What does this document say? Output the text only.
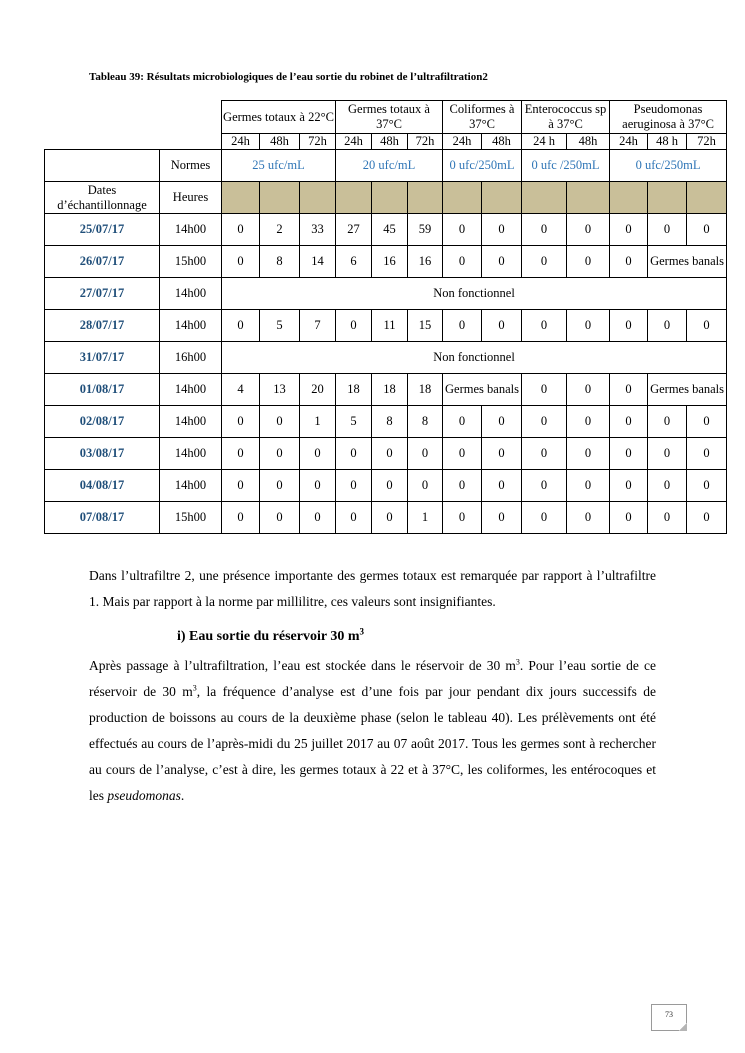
Tableau 39: Résultats microbiologiques de l’eau sortie du robinet de l’ultrafiltration2
		Germes totaux à 22°C			Germes totaux à 37°C			Coliformes à 37°C		Enterococcus sp à 37°C		Pseudomonas aeruginosa à 37°C		
		24h	48h	72h	24h	48h	72h	24h	48h	24 h	48h	24h	48 h	72h
	Normes	25 ufc/mL			20 ufc/mL			0 ufc/250mL		0 ufc /250mL		0 ufc/250mL		
Dates d’échantillonnage	Heures													
25/07/17	14h00	0	2	33	27	45	59	0	0	0	0	0	0	0
26/07/17	15h00	0	8	14	6	16	16	0	0	0	0	0	Germes banals	
27/07/17	14h00	Non fonctionnel												
28/07/17	14h00	0	5	7	0	11	15	0	0	0	0	0	0	0
31/07/17	16h00	Non fonctionnel												
01/08/17	14h00	4	13	20	18	18	18	Germes banals		0	0	0	Germes banals	
02/08/17	14h00	0	0	1	5	8	8	0	0	0	0	0	0	0
03/08/17	14h00	0	0	0	0	0	0	0	0	0	0	0	0	0
04/08/17	14h00	0	0	0	0	0	0	0	0	0	0	0	0	0
07/08/17	15h00	0	0	0	0	0	1	0	0	0	0	0	0	0

Dans l’ultrafiltre 2, une présence importante des germes totaux est remarquée par rapport à l’ultrafiltre 1. Mais par rapport à la norme par millilitre, ces valeurs sont insignifiantes.

i) Eau sortie du réservoir 30 $m^3$

Après passage à l’ultrafiltration, l’eau est stockée dans le réservoir de 30 $m^3$. Pour l’eau sortie de ce réservoir de 30 $m^3$, la fréquence d’analyse est d’une fois par jour pendant dix jours successifs de production de boissons au cours de la deuxième phase (selon le tableau 40). Les prélèvements ont été effectués au cours de l’après-midi du 25 juillet 2017 au 07 août 2017. Tous les germes sont à rechercher au cours de l’analyse, c’est à dire, les germes totaux à 22 et à 37°C, les coliformes, les entérocoques et les pseudomonas.

73
